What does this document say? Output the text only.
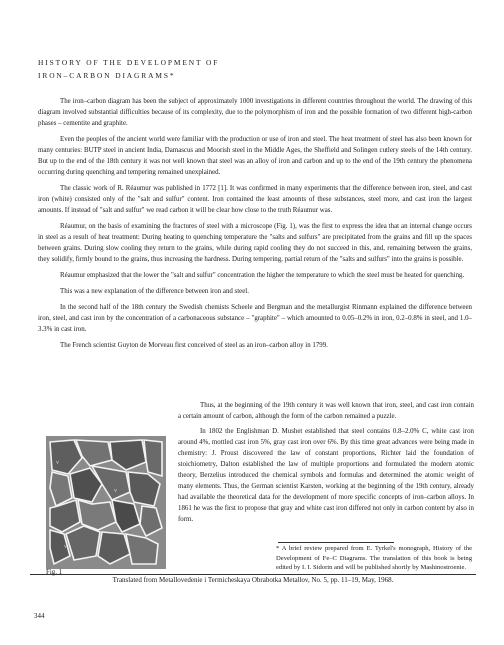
HISTORY OF THE DEVELOPMENT OF
IRON–CARBON DIAGRAMS*

The iron–carbon diagram has been the subject of approximately 1000 investigations in different countries throughout the world. The drawing of this diagram involved substantial difficulties because of its complexity, due to the polymorphism of iron and the possible formation of two different high-carbon phases – cementite and graphite.

Even the peoples of the ancient world were familiar with the production or use of iron and steel. The heat treatment of steel has also been known for many centuries: BUTP steel in ancient India, Damascus and Moorish steel in the Middle Ages, the Sheffield and Solingen cutlery steels of the 14th century. But up to the end of the 18th century it was not well known that steel was an alloy of iron and carbon and up to the end of the 19th century the phenomena occurring during quenching and tempering remained unexplained.

The classic work of R. Réaumur was published in 1772 [1]. It was confirmed in many experiments that the difference between iron, steel, and cast iron (white) consisted only of the "salt and sulfur" content. Iron contained the least amounts of these substances, steel more, and cast iron the largest amounts. If instead of "salt and sulfur" we read carbon it will be clear how close to the truth Réaumur was.

Réaumur, on the basis of examining the fractures of steel with a microscope (Fig. 1), was the first to express the idea that an internal change occurs in steel as a result of heat treatment: During heating to quenching temperature the "salts and sulfurs" are precipitated from the grains and fill up the spaces between grains. During slow cooling they return to the grains, while during rapid cooling they do not succeed in this, and, remaining between the grains, they solidify, firmly bound to the grains, thus increasing the hardness. During tempering, partial return of the "salts and sulfurs" into the grains is possible.

Réaumur emphasized that the lower the "salt and sulfur" concentration the higher the temperature to which the steel must be heated for quenching.

This was a new explanation of the difference between iron and steel.

In the second half of the 18th century the Swedish chemists Scheele and Bergman and the metallurgist Rinmann explained the difference between iron, steel, and cast iron by the concentration of a carbonaceous substance – "graphite" – which amounted to 0.05–0.2% in iron, 0.2–0.8% in steel, and 1.0–3.3% in cast iron.

The French scientist Guyton de Morveau first conceived of steel as an iron–carbon alloy in 1799.

v
v
v
Fig. 1

Thus, at the beginning of the 19th century it was well known that iron, steel, and cast iron contain a certain amount of carbon, although the form of the carbon remained a puzzle.

In 1802 the Englishman D. Mushet established that steel contains 0.8–2.0% C, white cast iron around 4%, mottled cast iron 5%, gray cast iron over 6%. By this time great advances were being made in chemistry: J. Proust discovered the law of constant proportions, Richter laid the foundation of stoichiometry, Dalton established the law of multiple proportions and formulated the modern atomic theory, Berzelius introduced the chemical symbols and formulas and determined the atomic weight of many elements. Thus, the German scientist Karsten, working at the beginning of the 19th century, already had available the theoretical data for the development of more specific concepts of iron–carbon alloys. In 1861 he was the first to propose that gray and white cast iron differed not only in carbon content by also in form.

* A brief review prepared from E. Tyrkel's monograph, History of the Development of Fe–C Diagrams. The translation of this book is being edited by I. I. Sidorin and will be published shortly by Mashinostroenie.
Translated from Metallovedenie i Termicheskaya Obrabotka Metallov, No. 5, pp. 11–19, May, 1968.
344
